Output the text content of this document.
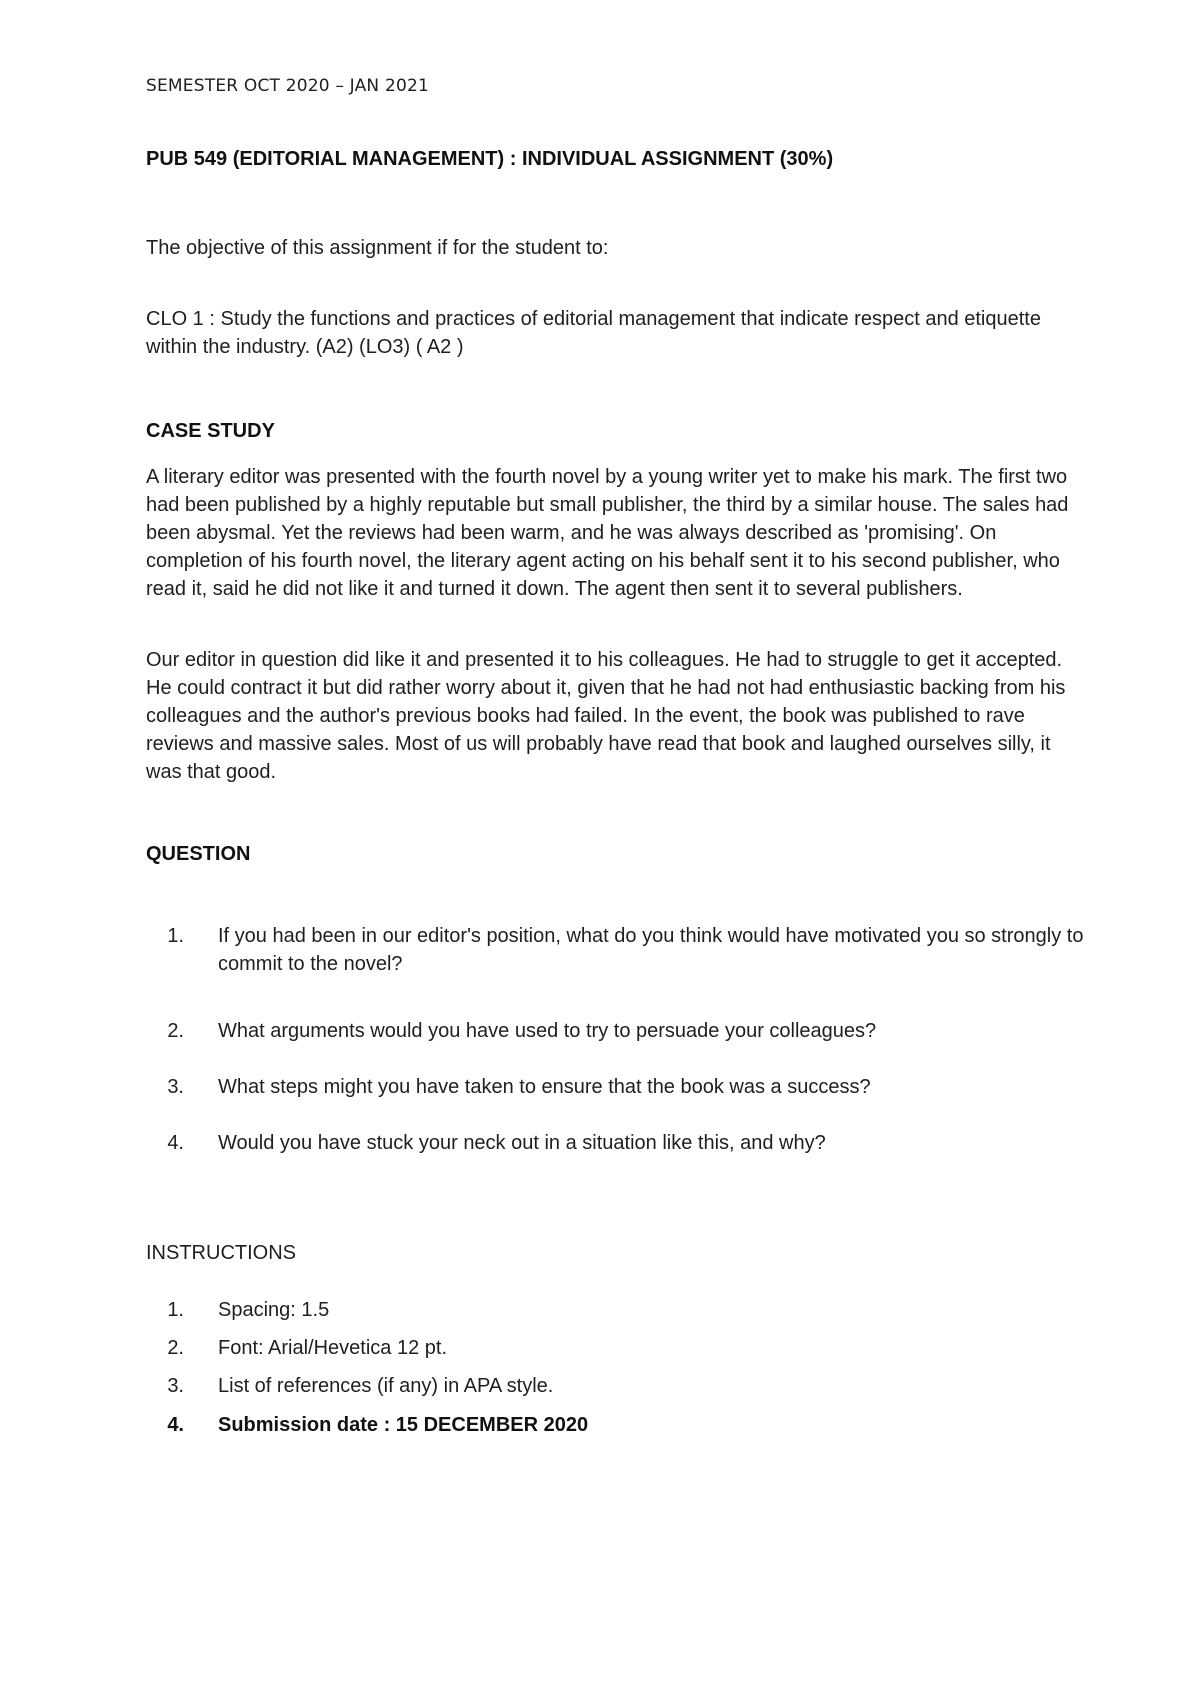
SEMESTER OCT 2020 – JAN 2021

PUB 549 (EDITORIAL MANAGEMENT) : INDIVIDUAL ASSIGNMENT (30%)

The objective of this assignment if for the student to:

CLO 1 : Study the functions and practices of editorial management that indicate respect and etiquette within the industry. (A2) (LO3) ( A2 )

CASE STUDY

A literary editor was presented with the fourth novel by a young writer yet to make his mark. The first two had been published by a highly reputable but small publisher, the third by a similar house. The sales had been abysmal. Yet the reviews had been warm, and he was always described as 'promising'. On completion of his fourth novel, the literary agent acting on his behalf sent it to his second publisher, who read it, said he did not like it and turned it down. The agent then sent it to several publishers.

Our editor in question did like it and presented it to his colleagues. He had to struggle to get it accepted. He could contract it but did rather worry about it, given that he had not had enthusiastic backing from his colleagues and the author's previous books had failed. In the event, the book was published to rave reviews and massive sales. Most of us will probably have read that book and laughed ourselves silly, it was that good.

QUESTION

1. If you had been in our editor's position, what do you think would have motivated you so strongly to commit to the novel?
2. What arguments would you have used to try to persuade your colleagues?
3. What steps might you have taken to ensure that the book was a success?
4. Would you have stuck your neck out in a situation like this, and why?

INSTRUCTIONS

1. Spacing: 1.5
2. Font: Arial/Hevetica 12 pt.
3. List of references (if any) in APA style.
4. Submission date : 15 DECEMBER 2020
